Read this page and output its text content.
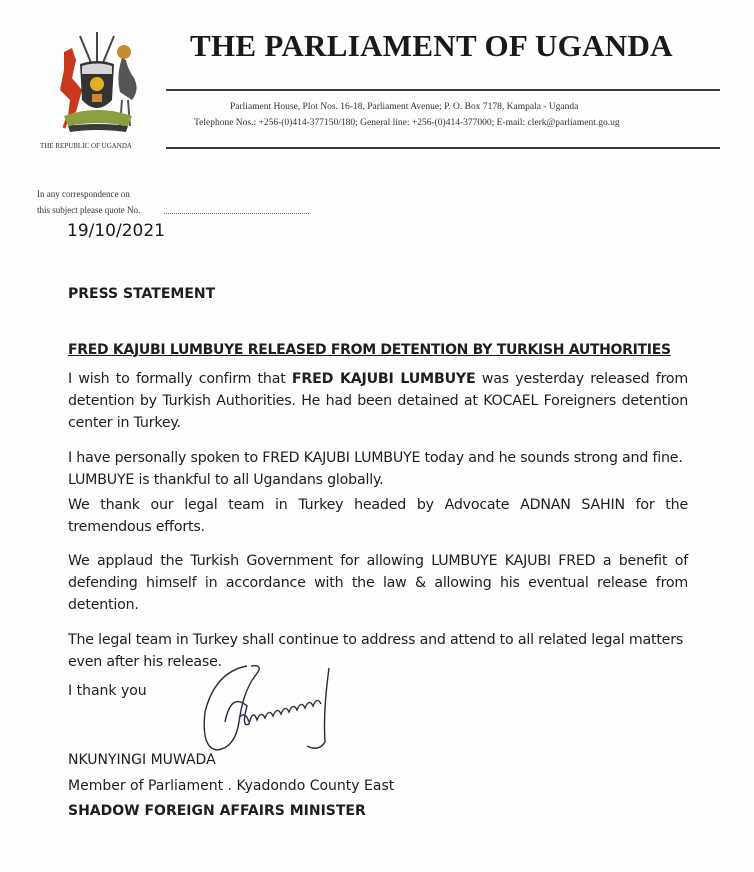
THE REPUBLIC OF UGANDA
THE PARLIAMENT OF UGANDA
Parliament House, Plot Nos. 16-18, Parliament Avenue; P. O. Box 7178, Kampala - Uganda
Telephone Nos.: +256-(0)414-377150/180; General line: +256-(0)414-377000; E-mail: clerk@parliament.go.ug
In any correspondence on
this subject please quote No.
19/10/2021
PRESS STATEMENT
FRED KAJUBI LUMBUYE RELEASED FROM DETENTION BY TURKISH AUTHORITIES
I wish to formally confirm that FRED KAJUBI LUMBUYE was yesterday released from detention by Turkish Authorities. He had been detained at KOCAEL Foreigners detention center in Turkey.
I have personally spoken to FRED KAJUBI LUMBUYE today and he sounds strong and fine. LUMBUYE is thankful to all Ugandans globally.
We thank our legal team in Turkey headed by Advocate ADNAN SAHIN for the tremendous efforts.
We applaud the Turkish Government for allowing LUMBUYE KAJUBI FRED a benefit of defending himself in accordance with the law & allowing his eventual release from detention.
The legal team in Turkey shall continue to address and attend to all related legal matters even after his release.
I thank you
NKUNYINGI MUWADA
Member of Parliament . Kyadondo County East
SHADOW FOREIGN AFFAIRS MINISTER
